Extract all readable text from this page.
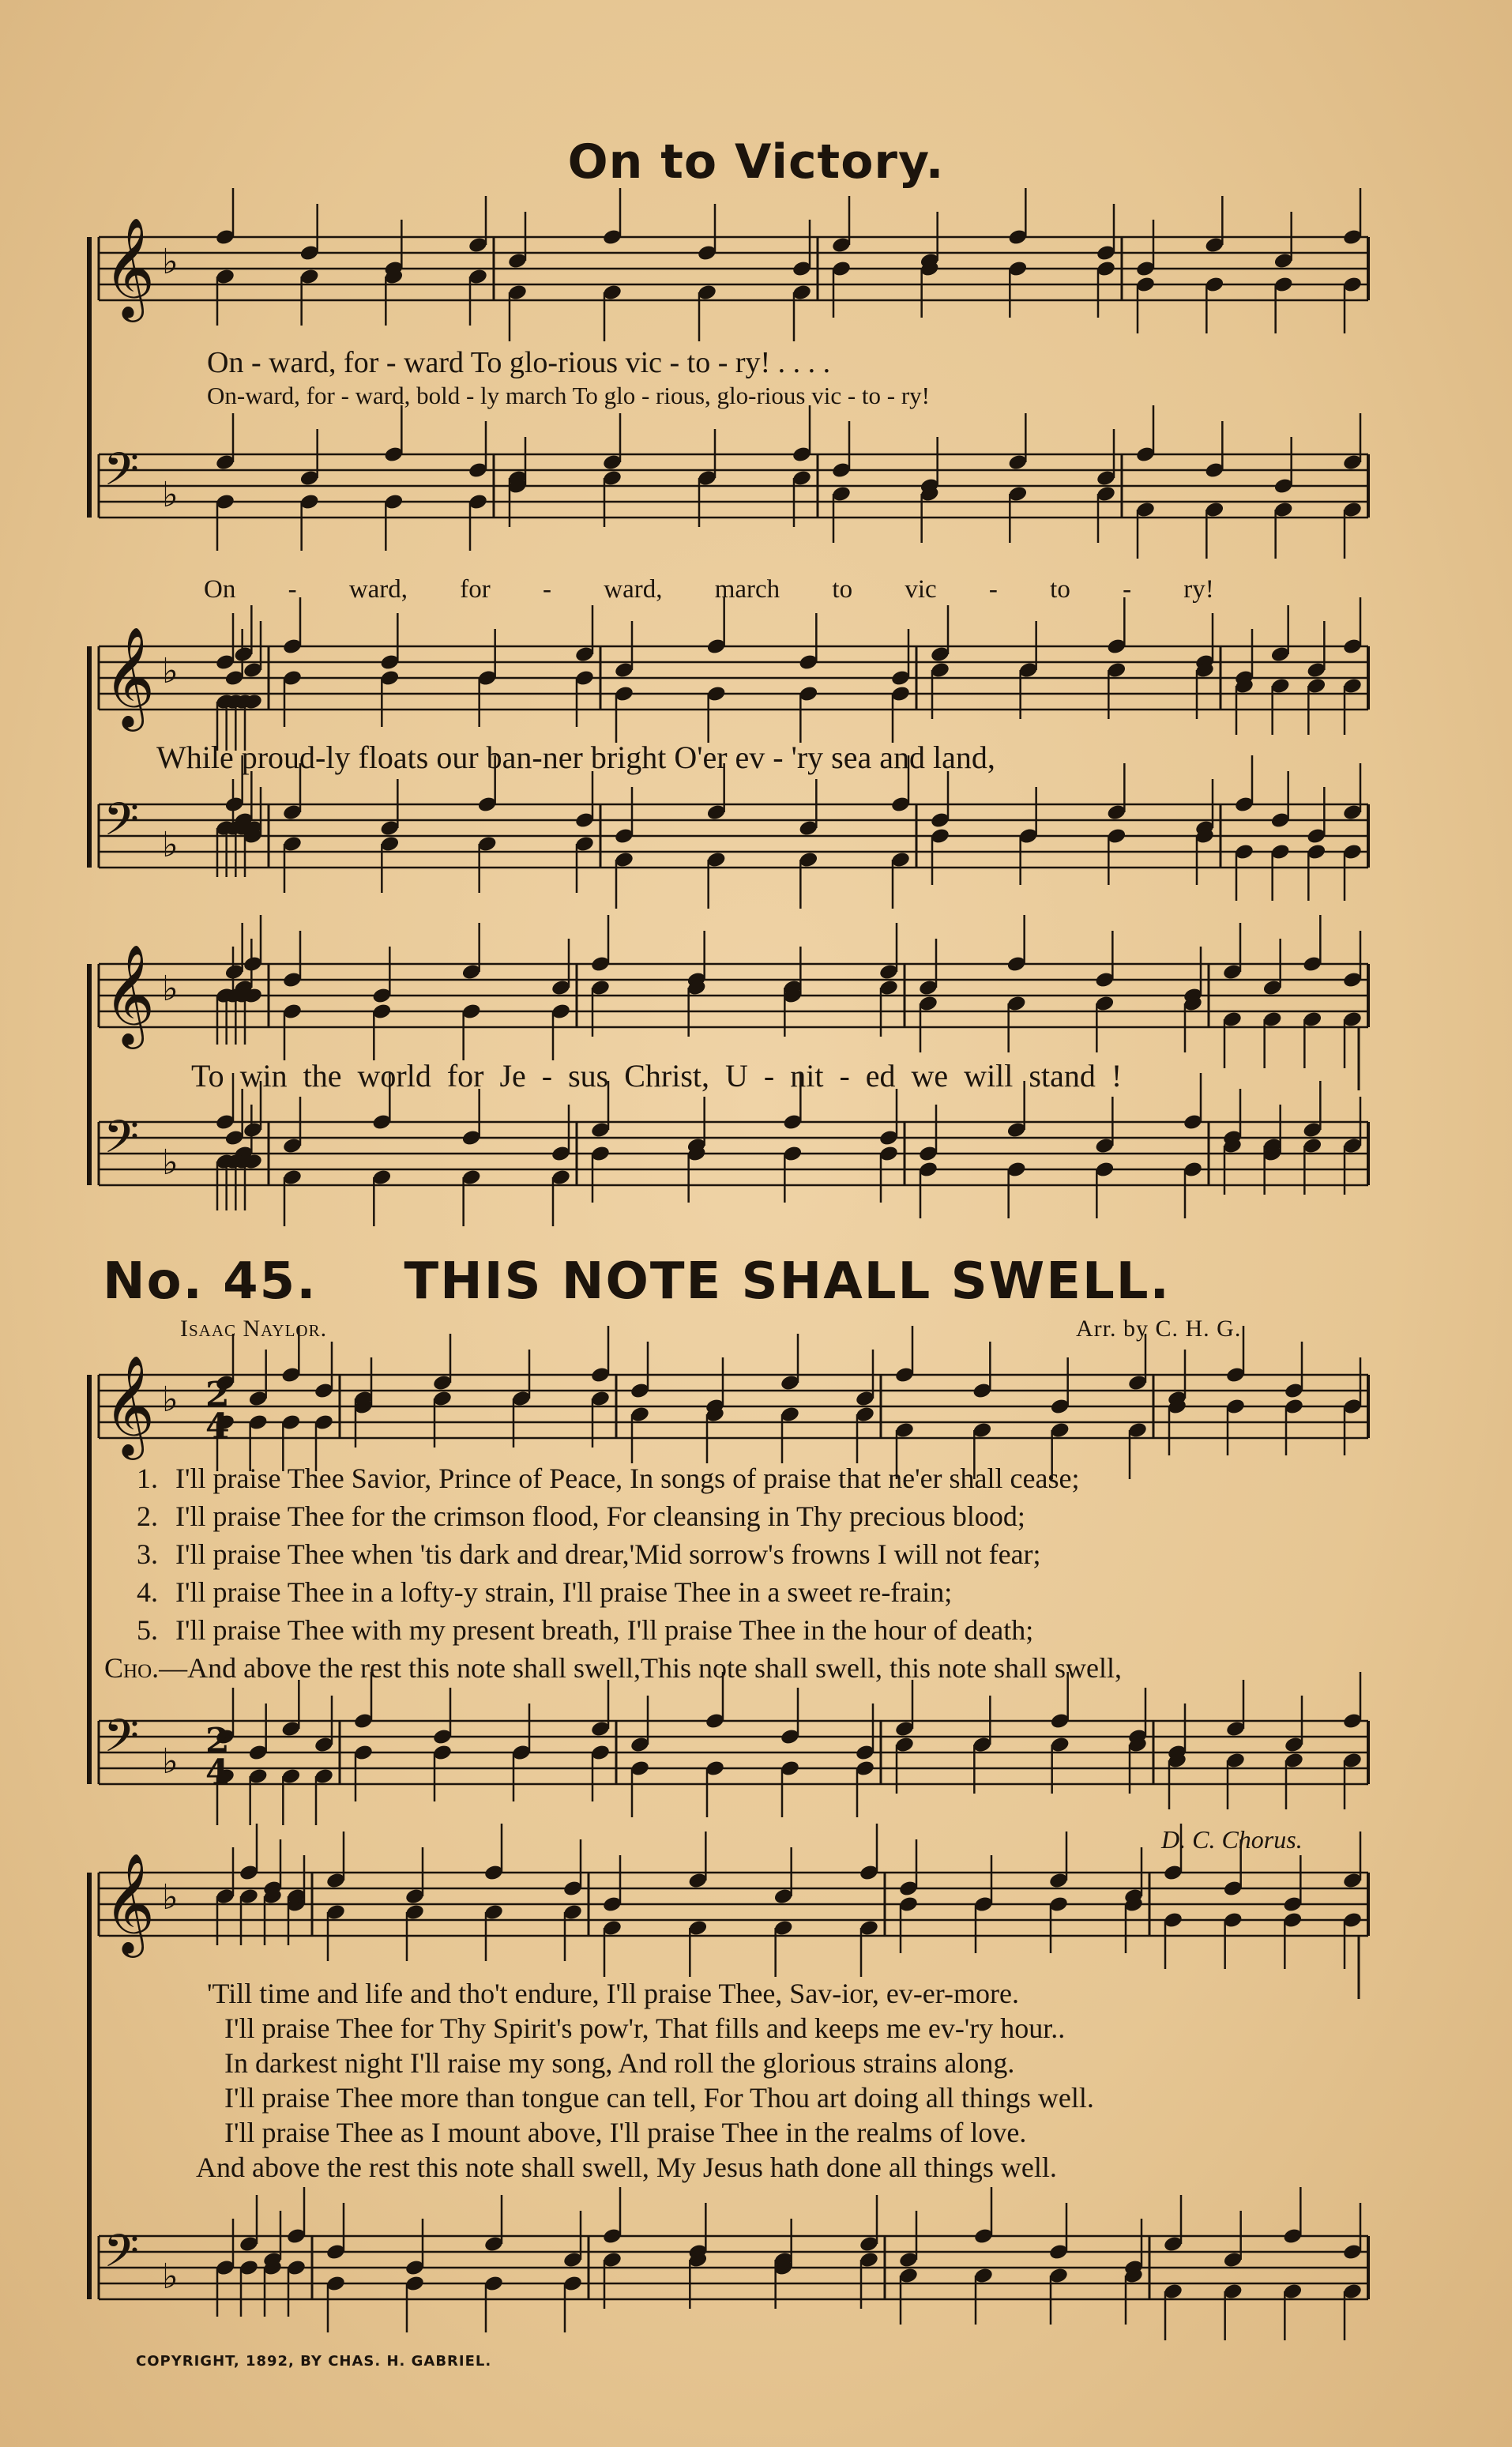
𝄞 ♭
𝄢 ♭
𝄞 ♭
𝄢 ♭
𝄞 ♭
𝄢 ♭
𝄞 ♭
𝄢 ♭
𝄞 ♭
𝄢 ♭
2
4
2
4
On to Victory.
On - ward, for - ward To glo-rious vic - to - ry! . . . .
On-ward, for - ward, bold - ly march To glo - rious, glo-rious vic - to - ry!
On - ward, for - ward, march to vic - to - ry!
While proud-ly floats our ban-ner bright O'er ev - 'ry sea and land,
To win the world for Je - sus Christ, U - nit - ed we will stand !
No. 45. THIS NOTE SHALL SWELL.
Isaac Naylor.	Arr. by C. H. G.
1. I'll praise Thee Savior, Prince of Peace, In songs of praise that ne'er shall cease;
2. I'll praise Thee for the crimson flood, For cleansing in Thy precious blood;
3. I'll praise Thee when 'tis dark and drear,'Mid sorrow's frowns I will not fear;
4. I'll praise Thee in a lofty-y strain, I'll praise Thee in a sweet re-frain;
5. I'll praise Thee with my present breath, I'll praise Thee in the hour of death;
Cho.—And above the rest this note shall swell,This note shall swell, this note shall swell,
D. C. Chorus.
'Till time and life and tho't endure, I'll praise Thee, Sav-ior, ev-er-more.
I'll praise Thee for Thy Spirit's pow'r, That fills and keeps me ev-'ry hour..
In darkest night I'll raise my song, And roll the glorious strains along.
I'll praise Thee more than tongue can tell, For Thou art doing all things well.
I'll praise Thee as I mount above, I'll praise Thee in the realms of love.
And above the rest this note shall swell, My Jesus hath done all things well.
COPYRIGHT, 1892, BY CHAS. H. GABRIEL.
